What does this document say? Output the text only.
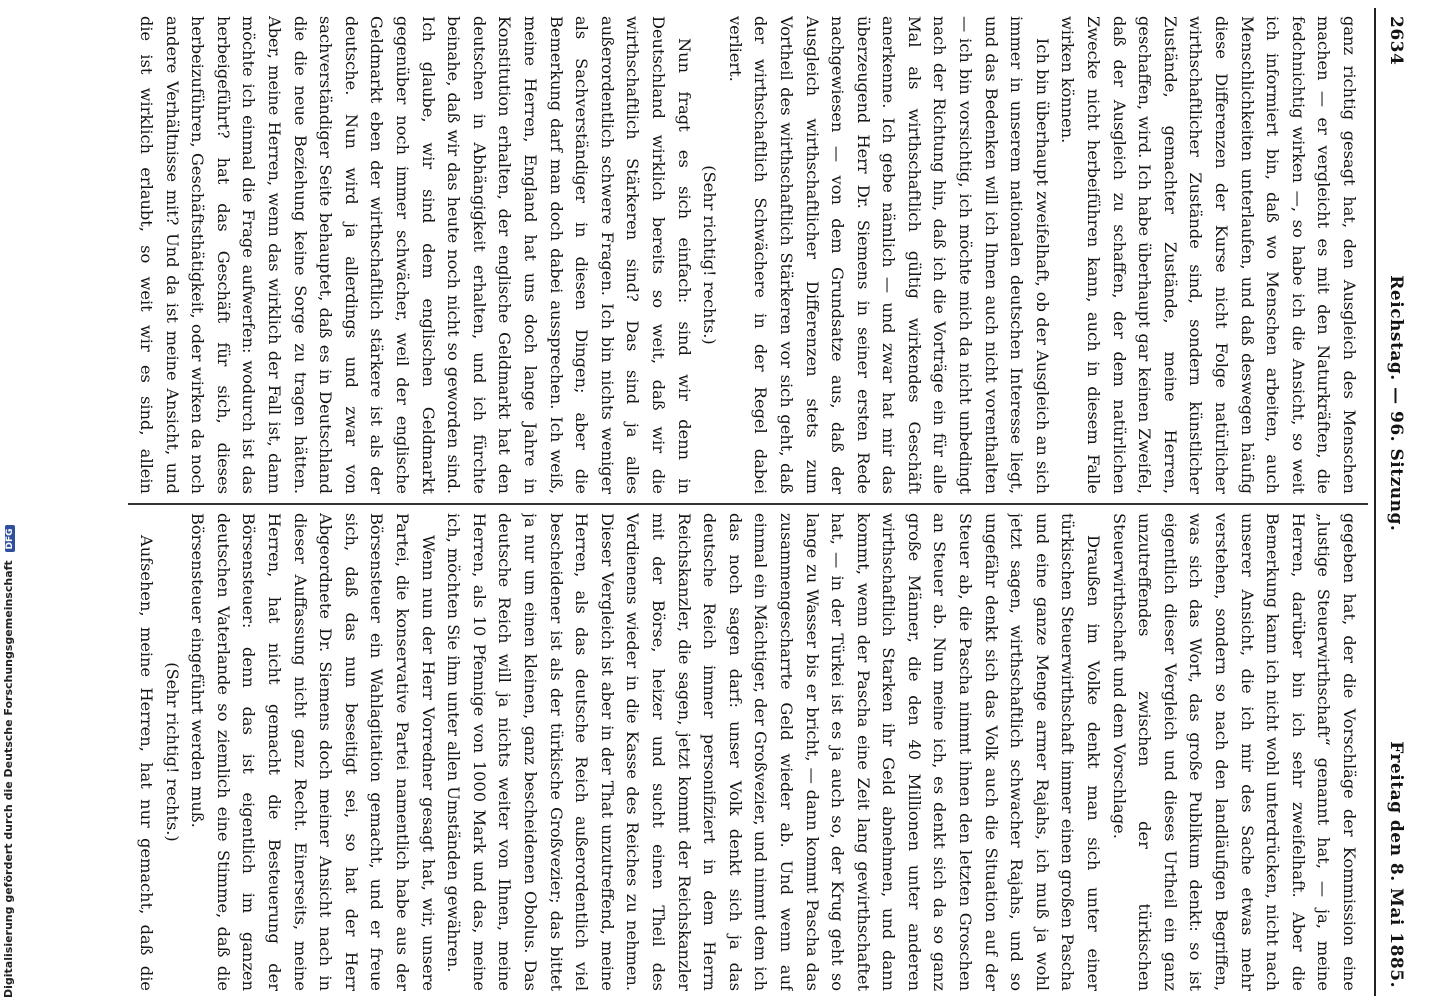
2634
Reichstag. — 96. Sitzung.
Freitag den 8. Mai 1885.

ganz richtig gesagt hat, den Ausgleich des Menschen machen — er vergleicht es mit den Naturkräften, die fedchnichtig wirken —, so habe ich die Ansicht, so weit ich informiert bin, daß wo Menschen arbeiten, auch Menschlichkeiten unterlaufen, und daß deswegen häufig diese Differenzen der Kurse nicht Folge natürlicher wirthschaftlicher Zustände sind, sondern künstlicher Zustände, gemachter Zustände, meine Herren, geschaffen, wird. Ich habe überhaupt gar keinen Zweifel, daß der Ausgleich zu schaffen, der dem natürlichen Zwecke nicht herbeiführen kann, auch in diesem Falle wirken können.

Ich bin überhaupt zweifelhaft, ob der Ausgleich an sich immer in unserem nationalen deutschen Interesse liegt, und das Bedenken will ich Ihnen auch nicht vorenthalten — ich bin vorsichtig, ich möchte mich da nicht unbedingt nach der Richtung hin, daß ich die Vorträge ein für alle Mal als wirthschaftlich gültig wirkendes Geschäft anerkenne. Ich gebe nämlich — und zwar hat mir das überzeugend Herr Dr. Siemens in seiner ersten Rede nachgewiesen — von dem Grundsatze aus, daß der Ausgleich wirthschaftlicher Differenzen stets zum Vortheil des wirthschaftlich Stärkeren vor sich geht, daß der wirthschaftlich Schwächere in der Regel dabei verliert.

(Sehr richtig! rechts.)

Nun fragt es sich einfach: sind wir denn in Deutschland wirklich bereits so weit, daß wir die wirthschaftlich Stärkeren sind? Das sind ja alles außerordentlich schwere Fragen. Ich bin nichts weniger als Sachverständiger in diesen Dingen; aber die Bemerkung darf man doch dabei aussprechen. Ich weiß, meine Herren, England hat uns doch lange Jahre in Konstitution erhalten, der englische Geldmarkt hat den deutschen in Abhängigkeit erhalten, und ich fürchte beinahe, daß wir das heute noch nicht so geworden sind. Ich glaube, wir sind dem englischen Geldmarkt gegenüber noch immer schwächer, weil der englische Geldmarkt eben der wirthschaftlich stärkere ist als der deutsche. Nun wird ja allerdings und zwar von sachverständiger Seite behauptet, daß es in Deutschland die die neue Beziehung keine Sorge zu tragen hätten. Aber, meine Herren, wenn das wirklich der Fall ist, dann möchte ich einmal die Frage aufwerfen: wodurch ist das herbeigeführt? hat das Geschäft für sich, dieses herbeizuführen, Geschäftsthätigkeit, oder wirken da noch andere Verhältnisse mit? Und da ist meine Ansicht, und die ist wirklich erlaubt, so weit wir es sind, allein

gegeben hat, der die Vorschläge der Kommission eine „lustige Steuerwirthschaft“ genannt hat, — ja, meine Herren, darüber bin ich sehr zweifelhaft. Aber die Bemerkung kann ich nicht wohl unterdrücken, nicht nach unserer Ansicht, die ich mir des Sache etwas mehr verstehen, sondern so nach den landläufigen Begriffen, was sich das Wort, das große Publikum denkt: so ist eigentlich dieser Vergleich und dieses Urtheil ein ganz unzutreffendes zwischen der türkischen Steuerwirthschaft und dem Vorschlage.

Draußen im Volke denkt man sich unter einer türkischen Steuerwirthschaft immer einen großen Pascha und eine ganze Menge armer Rajahs, ich muß ja wohl jetzt sagen, wirthschaftlich schwacher Rajahs, und so ungefähr denkt sich das Volk auch die Situation auf der Steuer ab, die Pascha nimmt ihnen den letzten Groschen an Steuer ab. Nun meine ich, es denkt sich da so ganz große Männer, die den 40 Millionen unter anderen wirthschaftlich Starken ihr Geld abnehmen, und dann kommt, wenn der Pascha eine Zeit lang gewirthschaftet hat, — in der Türkei ist es ja auch so, der Krug geht so lange zu Wasser bis er bricht, — dann kommt Pascha das zusammengescharrte Geld wieder ab. Und wenn auf einmal ein Mächtiger, der Großvezier, und nimmt dem ich das noch sagen darf: unser Volk denkt sich ja das deutsche Reich immer personifiziert in dem Herrn Reichskanzler, die sagen, jetzt kommt der Reichskanzler mit der Börse, heizer und sucht einen Theil des Verdienens wieder in die Kasse des Reiches zu nehmen. Dieser Vergleich ist aber in der That unzutreffend, meine Herren, als das deutsche Reich außerordentlich viel bescheidener ist als der türkische Großvezier; das bittet ja nur um einen kleinen, ganz bescheidenen Obolus. Das deutsche Reich will ja nichts weiter von Ihnen, meine Herren, als 10 Pfennige von 1000 Mark und das, meine ich, möchten Sie ihm unter allen Umständen gewähren.

Wenn nun der Herr Vorredner gesagt hat, wir, unsere Partei, die konservative Partei namentlich habe aus der Börsensteuer ein Wahlagitation gemacht, und er freue sich, daß das nun beseitigt sei, so hat der Herr Abgeordnete Dr. Siemens doch meiner Ansicht nach in dieser Auffassung nicht ganz Recht. Einerseits, meine Herren, hat nicht gemacht die Besteuerung der Börsensteuer: denn das ist eigentlich im ganzen deutschen Vaterlande so ziemlich eine Stimme, daß die Börsensteuer eingeführt werden muß.

(Sehr richtig! rechts.)

Aufsehen, meine Herren, hat nur gemacht, daß die

Digitalisierung gefördert durch die Deutsche Forschungsgemeinschaft DFG
